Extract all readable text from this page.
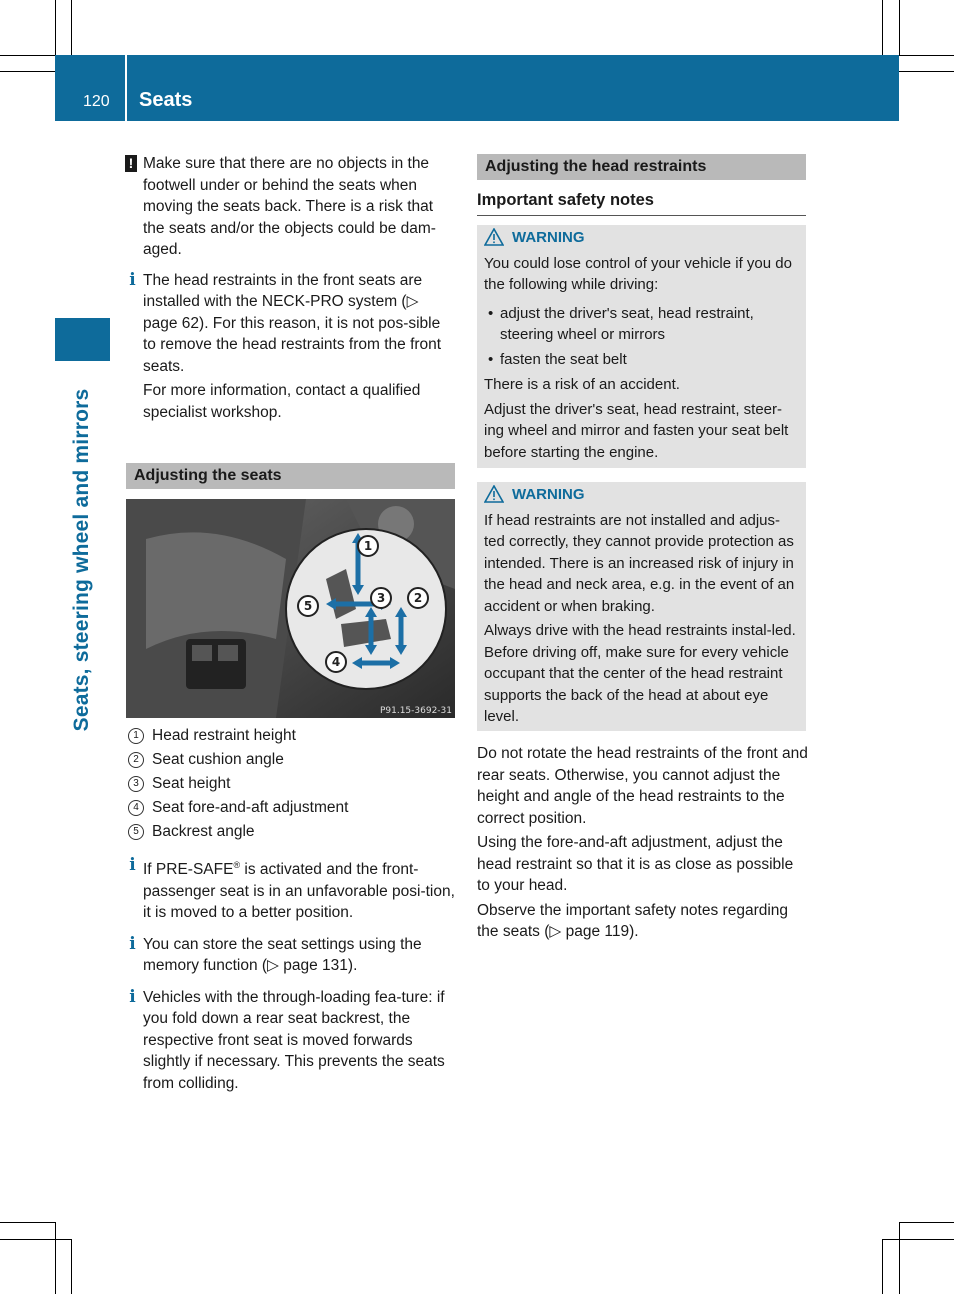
120 Seats
Seats, steering wheel and mirrors

! Make sure that there are no objects in the footwell under or behind the seats when moving the seats back. There is a risk that the seats and/or the objects could be dam-aged.

i The head restraints in the front seats are installed with the NECK-PRO system (▷ page 62). For this reason, it is not pos-sible to remove the head restraints from the front seats.

For more information, contact a qualified specialist workshop.

Adjusting the seats
1
2
3
4
5
P91.15-3692-31
1 Head restraint height
2 Seat cushion angle
3 Seat height
4 Seat fore-and-aft adjustment
5 Backrest angle

i If PRE-SAFE® is activated and the front-passenger seat is in an unfavorable posi-tion, it is moved to a better position.

i You can store the seat settings using the memory function (▷ page 131).

i Vehicles with the through-loading fea-ture: if you fold down a rear seat backrest, the respective front seat is moved forwards slightly if necessary. This prevents the seats from colliding.

Adjusting the head restraints
Important safety notes
WARNING

You could lose control of your vehicle if you do the following while driving:

• adjust the driver's seat, head restraint, steering wheel or mirrors

• fasten the seat belt

There is a risk of an accident.

Adjust the driver's seat, head restraint, steer-ing wheel and mirror and fasten your seat belt before starting the engine.

WARNING

If head restraints are not installed and adjus-ted correctly, they cannot provide protection as intended. There is an increased risk of injury in the head and neck area, e.g. in the event of an accident or when braking.

Always drive with the head restraints instal-led. Before driving off, make sure for every vehicle occupant that the center of the head restraint supports the back of the head at about eye level.

Do not rotate the head restraints of the front and rear seats. Otherwise, you cannot adjust the height and angle of the head restraints to the correct position.

Using the fore-and-aft adjustment, adjust the head restraint so that it is as close as possible to your head.

Observe the important safety notes regarding the seats (▷ page 119).
